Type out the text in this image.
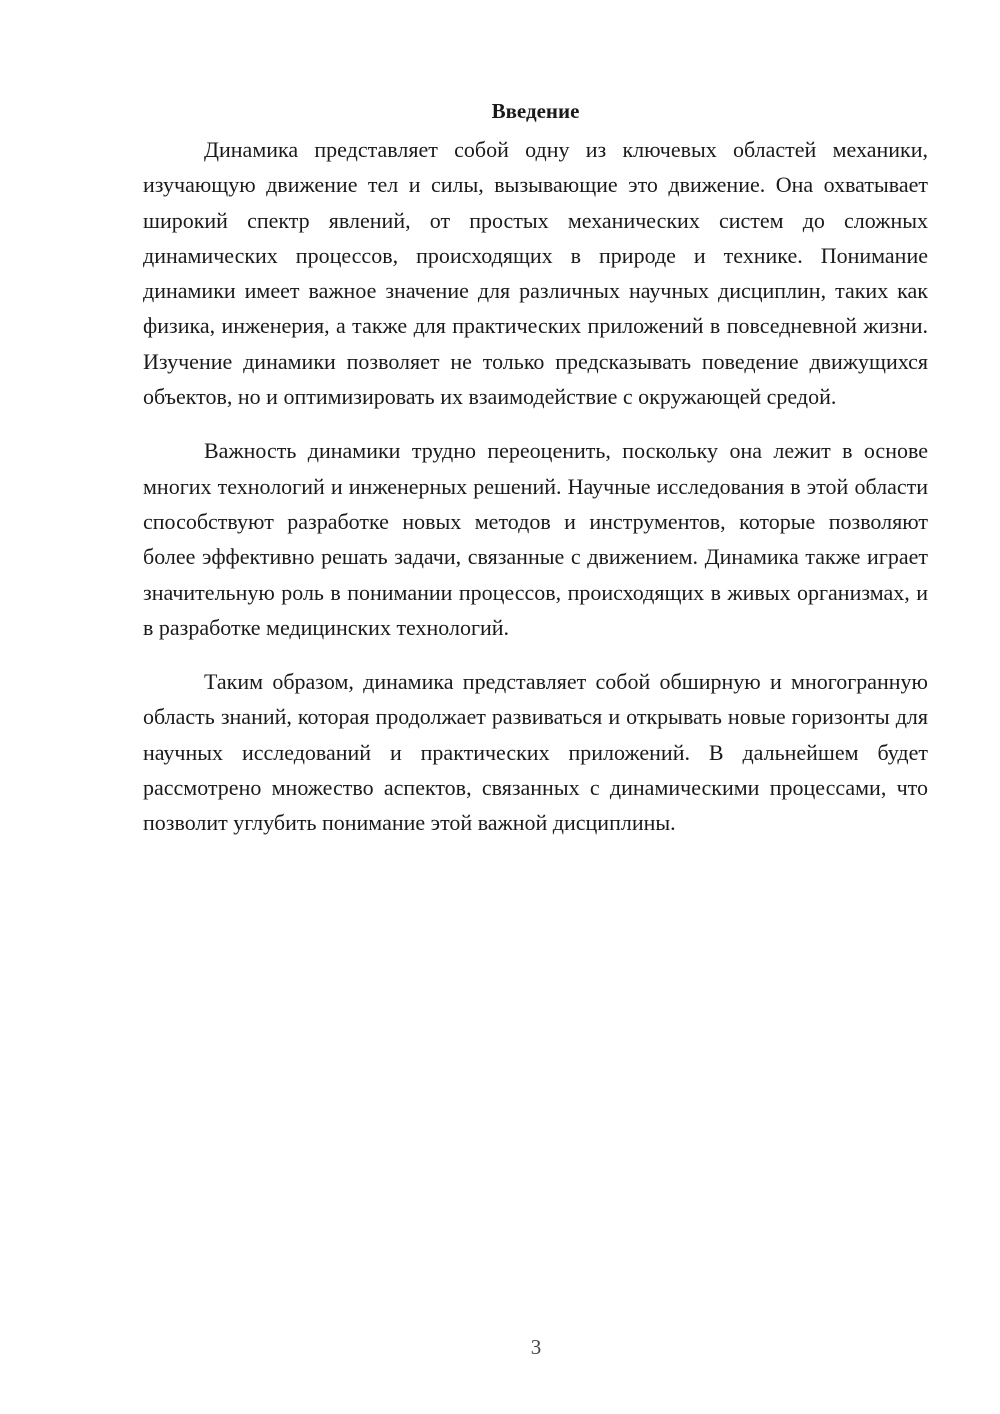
Введение

Динамика представляет собой одну из ключевых областей механики, изучающую движение тел и силы, вызывающие это движение. Она охватывает широкий спектр явлений, от простых механических систем до сложных динамических процессов, происходящих в природе и технике. Понимание динамики имеет важное значение для различных научных дисциплин, таких как физика, инженерия, а также для практических приложений в повседневной жизни. Изучение динамики позволяет не только предсказывать поведение движущихся объектов, но и оптимизировать их взаимодействие с окружающей средой.

Важность динамики трудно переоценить, поскольку она лежит в основе многих технологий и инженерных решений. Научные исследования в этой области способствуют разработке новых методов и инструментов, которые позволяют более эффективно решать задачи, связанные с движением. Динамика также играет значительную роль в понимании процессов, происходящих в живых организмах, и в разработке медицинских технологий.

Таким образом, динамика представляет собой обширную и многогранную область знаний, которая продолжает развиваться и открывать новые горизонты для научных исследований и практических приложений. В дальнейшем будет рассмотрено множество аспектов, связанных с динамическими процессами, что позволит углубить понимание этой важной дисциплины.

3
